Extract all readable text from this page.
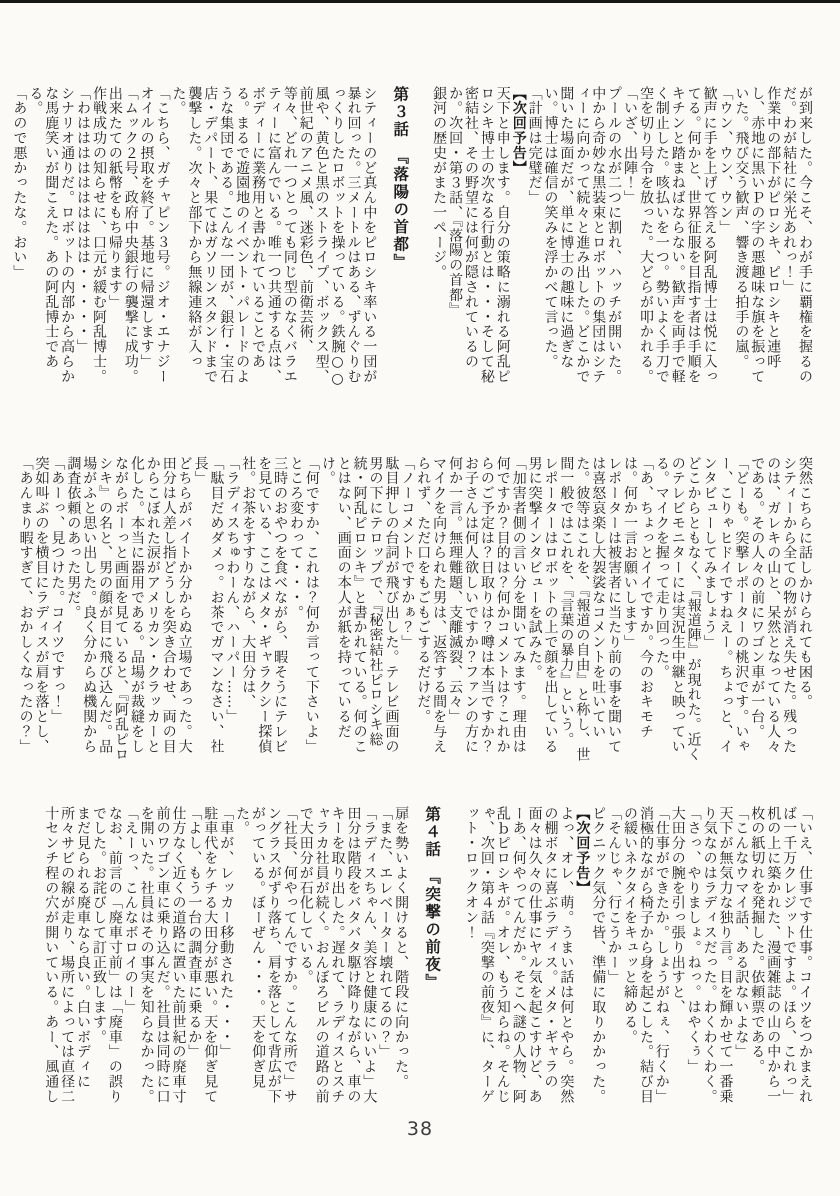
が到来した。今こそ、わが手に覇権を握るのだ。わが結社に栄光あれっ！」

作業中の部下がピロシキ、ピロシキと連呼し、赤地に黒いＰの字の悪趣味な旗を振っていた。飛び交う歓声、響き渡る拍手の嵐。

「ウン、ウン、ウン」

歓声に手を上げて答える阿乱博士は悦に入ってる。何かと、世界征服を目指す者は手順をキチンと踏まねばならない。歓声を両手で軽く制止した。咳払いを一つ。勢いよく手刀で空を切り号令を放った。大どらが叩かれる。

「いざ、出陣！」

プールの水が二つに割れ、ハッチが開いた。中から奇妙な黒装束とロボットの集団はシティーに向かって続々と進み出した。どこかで聞いた場面だが、単に博士の趣味に過ぎない。博士は確信の笑みを浮かべて言った。

「計画は完璧だ」

【次回予告】

天下と申します。自分の策略に溺れる阿乱ピロシキ博士の次なる行動とは・・・そして秘密結社、その野望には何が隠されているのか。次回・第３話、『落陽の首都』

銀河の歴史がまた一ページ。

第３話　『落陽の首都』

シティーのど真ん中をピロシキ率いる一団が暴れ回った。三メートルはある、ずんぐりむっくりしたロボットを操っている。鉄腕○○風や、黄色と黒のストライプ、ボックス型、前世紀のアニメ風、迷彩色、前衛芸術、等々、どれ一つとっても同じ型のなくバラエティーに富んでいる。唯一つ共通する点は、ボディーに業務用と書かれていることである。まるで遊園地のイベント・パレードのような集団である。こんな一団が、銀行・宝石店・デパート、果てはガソリンスタンドまで襲撃した。次々と部下から無線連絡が入った。

「こちら、ガチャピン３号。ジオ・エナジーオイルの摂取を終了。基地に帰還します」

「ムック２号、政府中央銀行の襲撃に成功。出来たての紙幣をもち帰ります」

作戦成功の知らせに、口元が緩む阿乱博士。

「わはははははははははは・・・・・」

シナリオ通りだ。ロボットの内部から高らかな馬鹿笑いが聞こえた。あの阿乱博士である。

「あので悪かったな。おい」

突然こちらに話しかけられても困る。

シティーから全ての物が消え失せた。残ったのは、ガレキの山と、呆然となっている人々である。その人々の前にワゴン車が一台。

「どーも。突撃レポーターの桃沢です。いゃー、こりゃヒドイですねえー。ちょっと、インタビューしてみましょう」

どこからともなく、『報道陣』が現れた。近くのテレビモニターには実況生中継と映っている。マイクを握って走り回った。

「あ、ちょっとイイですか。今のおキモチは。何か一言お願いします」

レポーターは被害者に当たり前の事を聞いては喜怒哀楽し大袈裟なコメントを吐いていた。彼等はこれを、『報道の自由』と称し、世間一般ではこれを、『言葉の暴力』という。

レポーターはロボットの上で顔を出している男に突撃インタビューを試みた。

「加害者側の言い分を聞いてみます。理由は何ですか？目的は？何かコメントは？これからのご予定は？日取りは？噂は本当ですか？お子さんは何人欲しいですか？ファンの方に何か一言。無理難題、支離滅裂、云々」

マイクを向けられた男は、返答する間を与えられず、ただ口をもごもごするだけだ。

「ノーコメントですかぁ？」

駄目押しの台詞が飛び出した。テレビ画面の男の下にテロップで、『秘密結社ピロシキ総統・阿乱ピロシキ』と書かれている。何のことはない、画面の本人が紙を持っているだけ。

「何ですか、これは？何か言って下さいよ」

ところ変わって・・・。

三時のおやつを食べながら、暇そうにテレビを見ている、ここはメタ・ギャラクシー探偵社。お茶をすすりながら、大田分は、

「ラディスちゅわーん、ハーパー……」

「駄目だめダメっ。お茶でガマンなさい、社長」

どちらがバイトか分からぬ立場であった。大田分は人差し指どうしを突き合わせ、両の目からこぼれた涙がアメリカン・クラッカーと化した。本当に器用である。品場が裁縫をしながらボーっと画面を見ていると、『阿乱ピロシキ』の名と、男の顔が目に飛び込んだ。品場がふと思い出した。良く分からぬ機関から調査依頼のあった男だ。

「あーっ、見つけた。コイツですっ！」

突如叫ぶのを横目にラディスが肩を落とし、

「あんまり暇すぎて、おかしくなったの？」

「いえ、仕事です仕事。コイツをつかまえれば一千万クレジットですよ。ほら、これっ」

机の上に築かれた、漫画雑誌の山の中から一枚の紙切れを発掘した。依頼票である。

「こんなウマイ話、ある訳ないよな」

天下が無気力な独り言。目を輝かせて一番乗り気なのはラディスだった。わくわくわく。

「さっ、やりましょ。ねっ。はやくぅ」

大田分の腕を引っ張り出すと、

「仕事ができたか。しょうがねぇ、行くか」

消極的ながら椅子から身を起こした。結び目の緩いネクタイをキュッと締める。

「そんじゃ、行こうかー」

ピクニック気分で皆、準備に取りかかった。

【次回予告】

よっ、オレ、萌。うまい話は何とやら。突然の棚ボタに喜ぶラディス。メタ・ギャラの面々は久々の仕事にヤル気を起こすけど、あーあ、何やってんだか。そこへ謎の人物、阿乱ｂピロシキが。オレ、もう知らね。そんじゃ、次回・第４話『突撃の前夜』に、ターゲット・ロックオン！

第４話　『突撃の前夜』

扉を勢いよく開けると、階段に向かった。

「また、エレベーター壊れてるの？」

「ラディスちゃん、美容と健康にいいよ」大田分は階段をバタバタ駆け降りながら、車のキーを取り出した。遅れて、ラディスとスチャラカ社員が続く。おんぼろビルの道路の前で大田分が石化している。

「社長、何やってんですか。こんな所で」サングラスがずり落ち、肩を落として背広が下がっている。ぼーぜん・・・。天を仰ぎ見た。

「車が、レッカー移動された・・・」

駐車代をケチる大田分が悪い。天を仰ぎ見て

「よし、もう一台の調査車に乗るか」

仕方なく近くの道路に置いた前世紀の廃車寸前のワゴン車に乗り込んだ。社員は同時に口を開いた。社員はその事実を知らなかった。

「えーっ、こんなボロイのー」

なお、前言の「廃車寸前」は「廃車」の誤りでした。お詫びして訂正致します。

まだ見られる廃車なら良い。白いボディに所々サビの線が走り、場所によっては直径二十センチ程の穴が開いている。あー、風通し

38
